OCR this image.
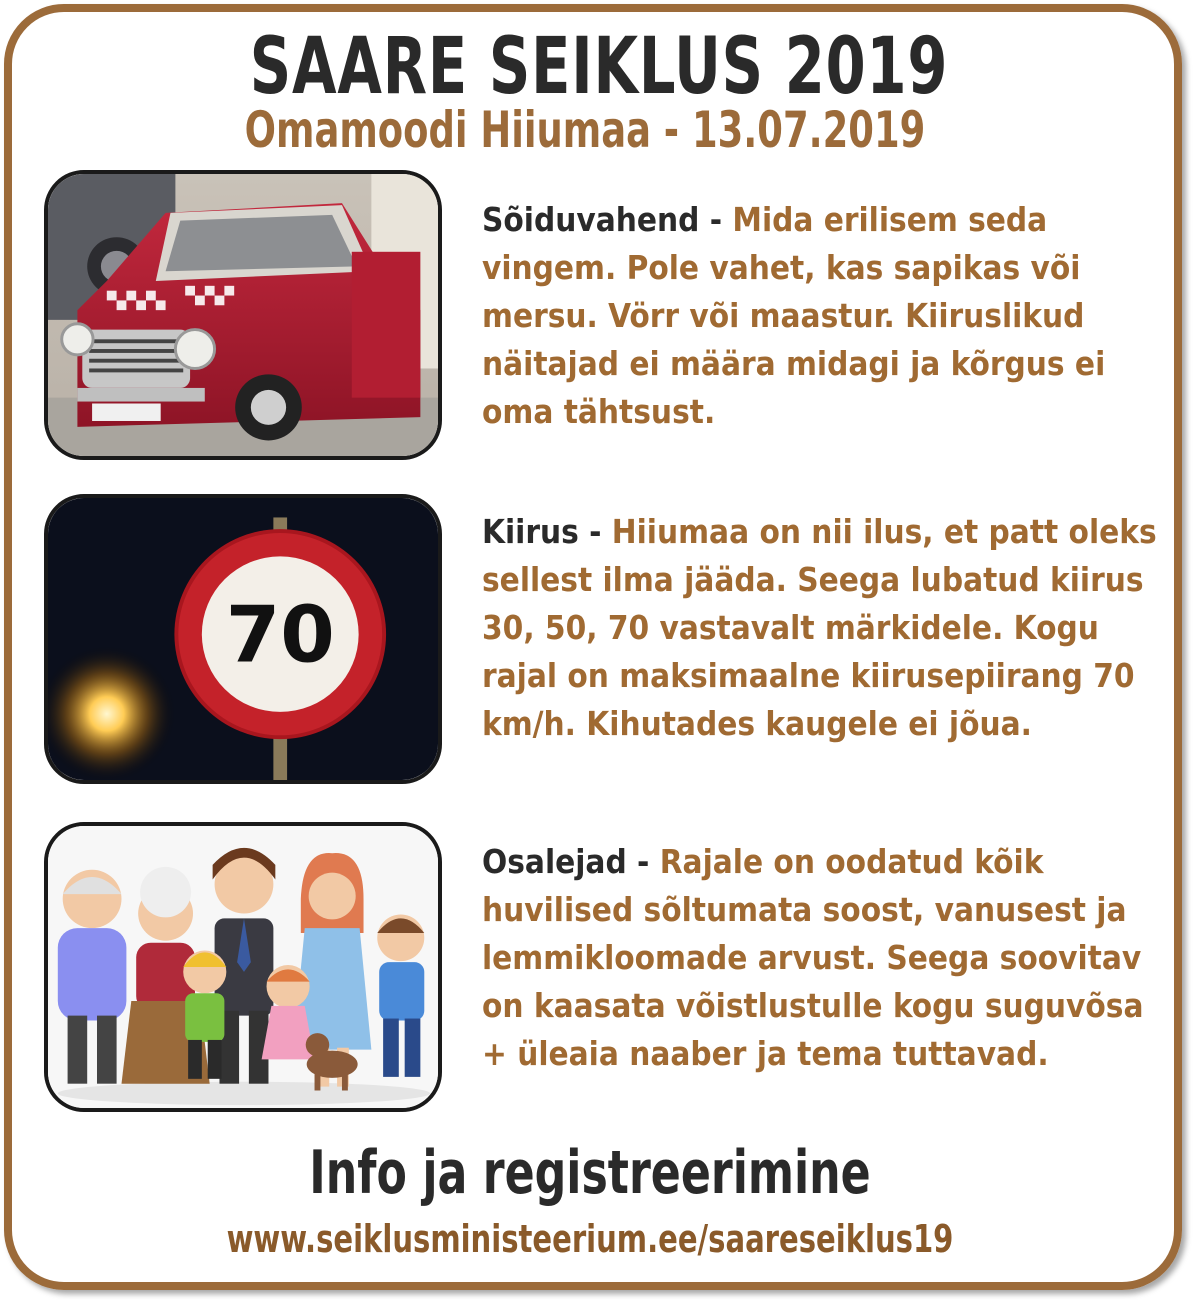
SAARE SEIKLUS 2019
Omamoodi Hiiumaa - 13.07.2019
Sõiduvahend - Mida erilisem seda vingem. Pole vahet, kas sapikas või mersu. Vörr või maastur. Kiiruslikud näitajad ei määra midagi ja kõrgus ei oma tähtsust.
70
Kiirus - Hiiumaa on nii ilus, et patt oleks sellest ilma jääda. Seega lubatud kiirus 30, 50, 70 vastavalt märkidele. Kogu rajal on maksimaalne kiirusepiirang 70 km/h. Kihutades kaugele ei jõua.
Osalejad - Rajale on oodatud kõik huvilised sõltumata soost, vanusest ja lemmikloomade arvust. Seega soovitav on kaasata võistlustulle kogu suguvõsa + üleaia naaber ja tema tuttavad.
Info ja registreerimine
www.seiklusministeerium.ee/saareseiklus19
